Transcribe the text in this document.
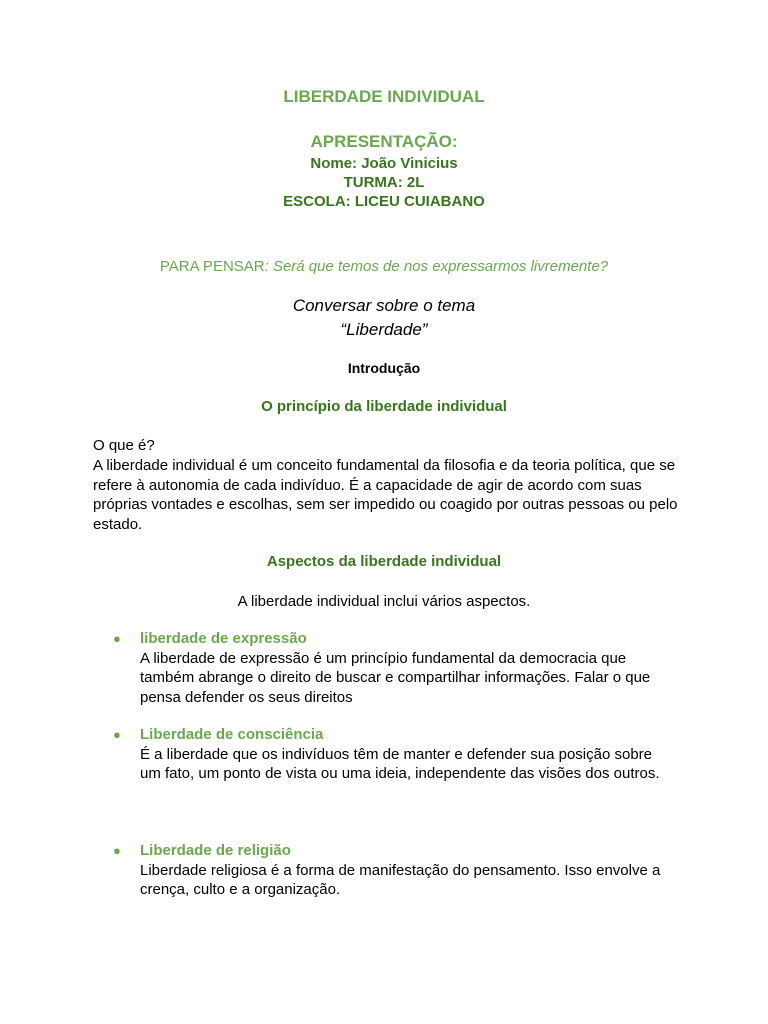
LIBERDADE INDIVIDUAL
APRESENTAÇÃO:
Nome: João Vinicius
TURMA: 2L
ESCOLA: LICEU CUIABANO
PARA PENSAR: Será que temos de nos expressarmos livremente?
Conversar sobre o tema
“Liberdade”
Introdução
O princípio da liberdade individual
O que é?

A liberdade individual é um conceito fundamental da filosofia e da teoria política, que se refere à autonomia de cada indivíduo. É a capacidade de agir de acordo com suas próprias vontades e escolhas, sem ser impedido ou coagido por outras pessoas ou pelo estado.

Aspectos da liberdade individual
A liberdade individual inclui vários aspectos.
● liberdade de expressão
A liberdade de expressão é um princípio fundamental da democracia que também abrange o direito de buscar e compartilhar informações. Falar o que pensa defender os seus direitos
● Liberdade de consciência
É a liberdade que os indivíduos têm de manter e defender sua posição sobre um fato, um ponto de vista ou uma ideia, independente das visões dos outros.
● Liberdade de religião
Liberdade religiosa é a forma de manifestação do pensamento. Isso envolve a crença, culto e a organização.
